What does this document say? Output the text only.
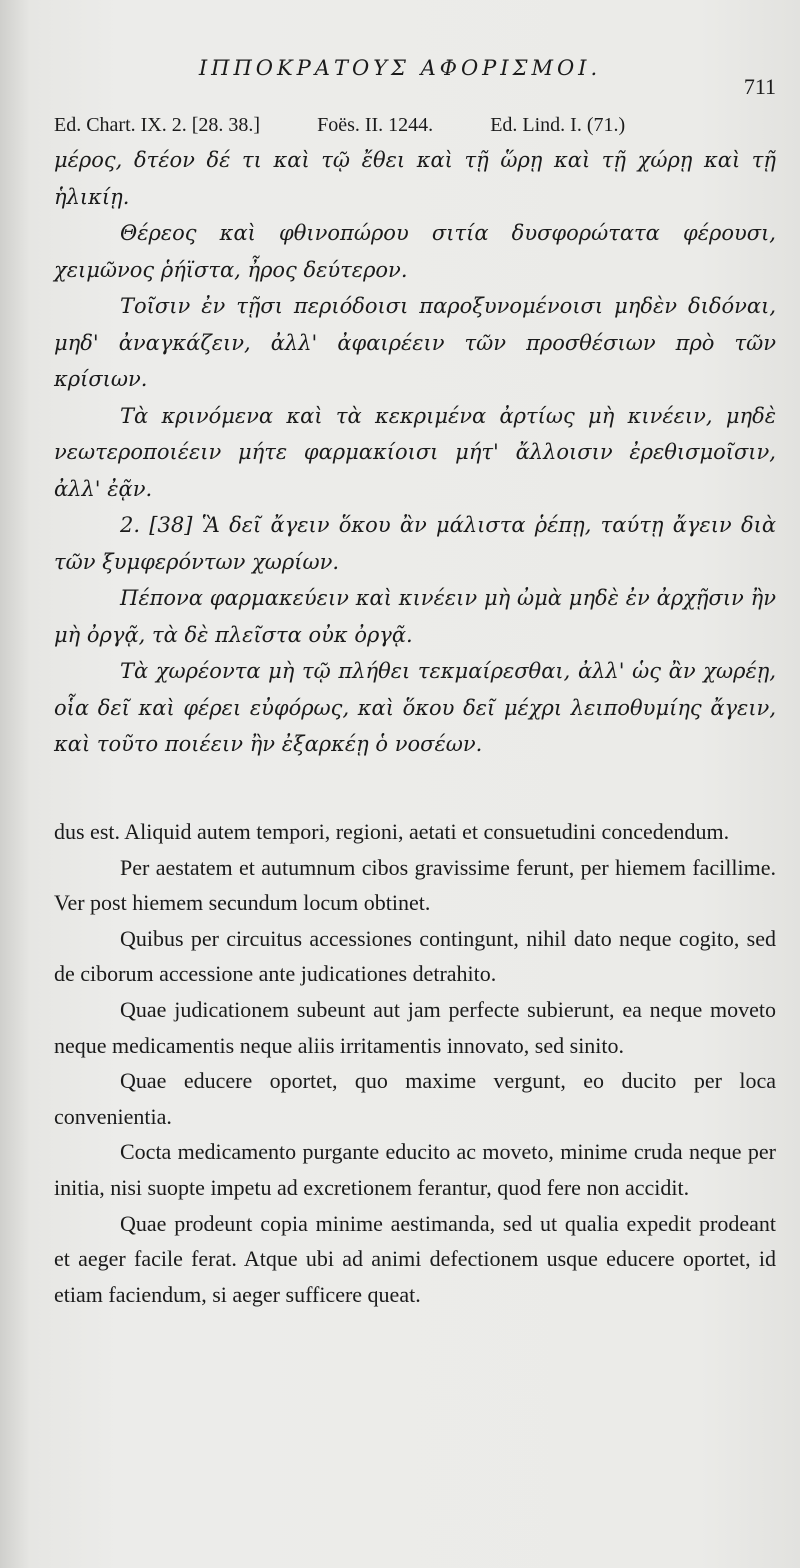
ΙΠΠΟΚΡΑΤΟΥΣ ΑΦΟΡΙΣΜΟΙ.
711
Ed. Chart. IX. 2. [28. 38.]	Foës. II. 1244.	Ed. Lind. I. (71.)

μέρος, δτέον δέ τι καὶ τῷ ἔθει καὶ τῇ ὥρῃ καὶ τῇ χώρῃ καὶ τῇ ἡλικίῃ.

Θέρεος καὶ φθινοπώρου σιτία δυσφορώτατα φέρουσι, χειμῶνος ῥήϊστα, ἦρος δεύτερον.

Τοῖσιν ἐν τῇσι περιόδοισι παροξυνομένοισι μηδὲν διδόναι, μηδ' ἀναγκάζειν, ἀλλ' ἀφαιρέειν τῶν προσθέσιων πρὸ τῶν κρίσιων.

Τὰ κρινόμενα καὶ τὰ κεκριμένα ἀρτίως μὴ κινέειν, μηδὲ νεωτεροποιέειν μήτε φαρμακίοισι μήτ' ἄλλοισιν ἐρεθισμοῖσιν, ἀλλ' ἐᾷν.

2. [38] Ἃ δεῖ ἄγειν ὅκου ἂν μάλιστα ῥέπῃ, ταύτῃ ἄγειν διὰ τῶν ξυμφερόντων χωρίων.

Πέπονα φαρμακεύειν καὶ κινέειν μὴ ὠμὰ μηδὲ ἐν ἀρχῇσιν ἢν μὴ ὀργᾷ, τὰ δὲ πλεῖστα οὐκ ὀργᾷ.

Τὰ χωρέοντα μὴ τῷ πλήθει τεκμαίρεσθαι, ἀλλ' ὡς ἂν χωρέῃ, οἷα δεῖ καὶ φέρει εὐφόρως, καὶ ὅκου δεῖ μέχρι λειποθυμίης ἄγειν, καὶ τοῦτο ποιέειν ἢν ἐξαρκέῃ ὁ νοσέων.

dus est. Aliquid autem tempori, regioni, aetati et consuetudini concedendum.

Per aestatem et autumnum cibos gravissime ferunt, per hiemem facillime. Ver post hiemem secundum locum obtinet.

Quibus per circuitus accessiones contingunt, nihil dato neque cogito, sed de ciborum accessione ante judicationes detrahito.

Quae judicationem subeunt aut jam perfecte subierunt, ea neque moveto neque medicamentis neque aliis irritamentis innovato, sed sinito.

Quae educere oportet, quo maxime vergunt, eo ducito per loca convenientia.

Cocta medicamento purgante educito ac moveto, minime cruda neque per initia, nisi suopte impetu ad excretionem ferantur, quod fere non accidit.

Quae prodeunt copia minime aestimanda, sed ut qualia expedit prodeant et aeger facile ferat. Atque ubi ad animi defectionem usque educere oportet, id etiam faciendum, si aeger sufficere queat.
